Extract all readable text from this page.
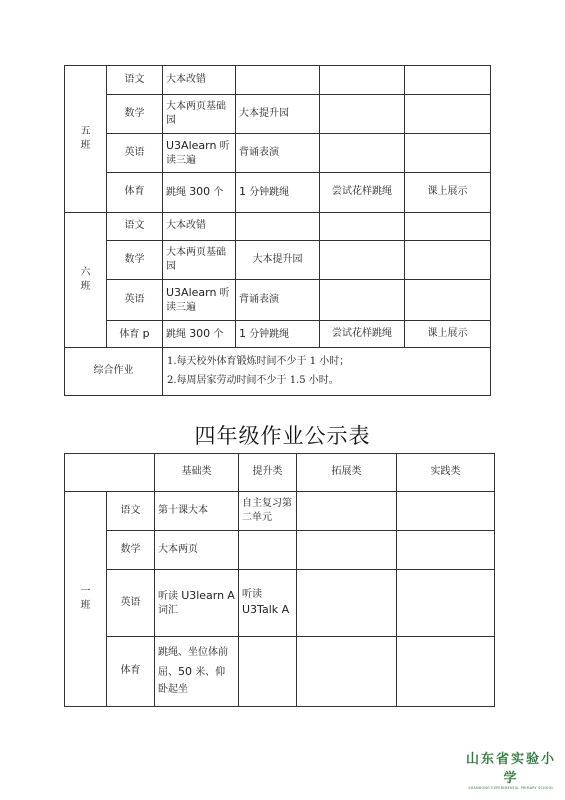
五
班	语文	大本改错			
	数学	大本两页基础园	大本提升园		
	英语	U3Alearn 听读三遍	背诵表演		
	体育	跳绳 300 个	1 分钟跳绳	尝试花样跳绳	课上展示

六
班	语文	大本改错			
	数学	大本两页基础园	大本提升园		
	英语	U3Alearn 听读三遍	背诵表演		
	体育 p	跳绳 300 个	1 分钟跳绳	尝试花样跳绳	课上展示
综合作业		1.每天校外体育锻炼时间不少于 1 小时；
2.每周居家劳动时间不少于 1.5 小时。			
四年级作业公示表
		基础类	提升类	拓展类	实践类

一
班	语文	第十课大本	自主复习第二单元		
	数学	大本两页			
	英语	听读 U3learn A 词汇	听读
U3Talk A		

	体育	跳绳、坐位体前屈、50 米、仰卧起坐			
山东省实验小学
SHANDONG EXPERIMENTAL PRIMARY SCHOOL
